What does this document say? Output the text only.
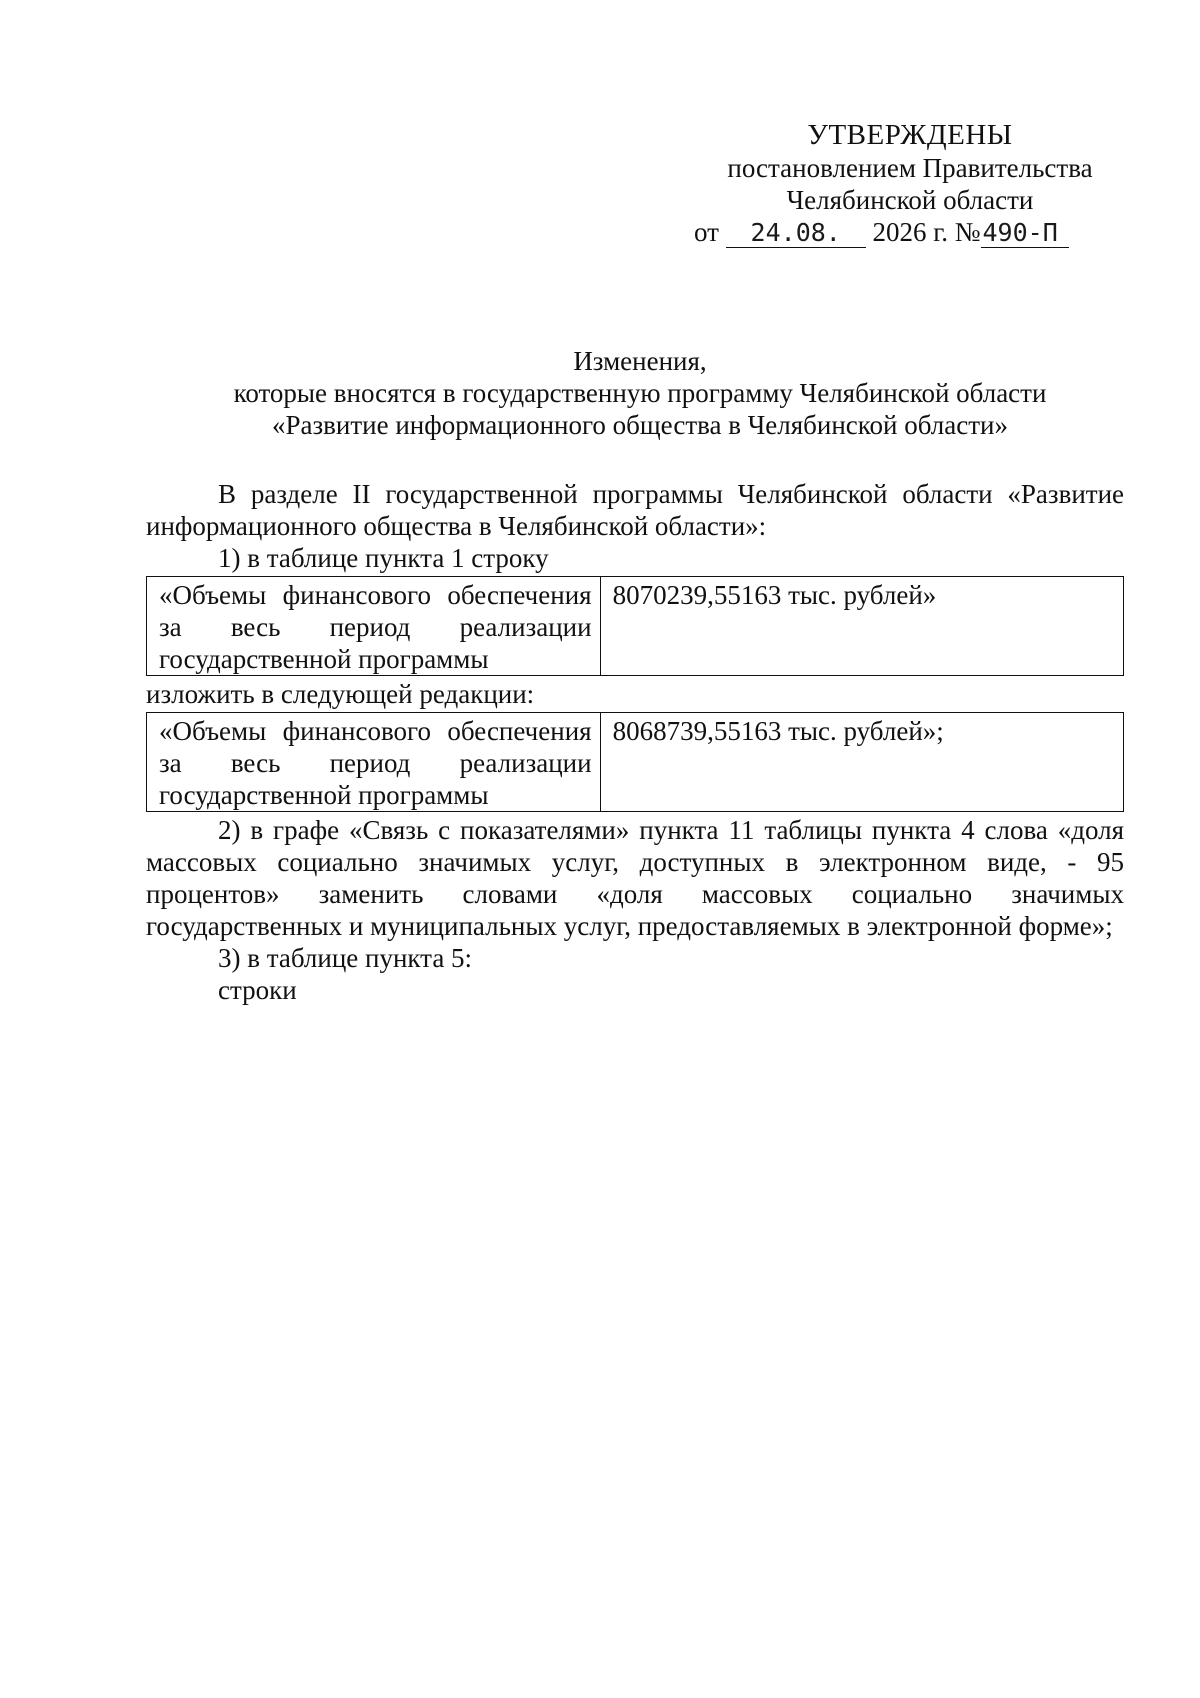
УТВЕРЖДЕНЫ
постановлением Правительства
Челябинской области
от 24.08. 2026 г. №490-П
Изменения,
которые вносятся в государственную программу Челябинской области
«Развитие информационного общества в Челябинской области»
В разделе II государственной программы Челябинской области «Развитие информационного общества в Челябинской области»:
1) в таблице пункта 1 строку
«Объемы финансового обеспечения за весь период реализации государственной программы	8070239,55163 тыс. рублей»
изложить в следующей редакции:
«Объемы финансового обеспечения за весь период реализации государственной программы	8068739,55163 тыс. рублей»;
2) в графе «Связь с показателями» пункта 11 таблицы пункта 4 слова «доля массовых социально значимых услуг, доступных в электронном виде, - 95 процентов» заменить словами «доля массовых социально значимых государственных и муниципальных услуг, предоставляемых в электронной форме»;
3) в таблице пункта 5:
строки
